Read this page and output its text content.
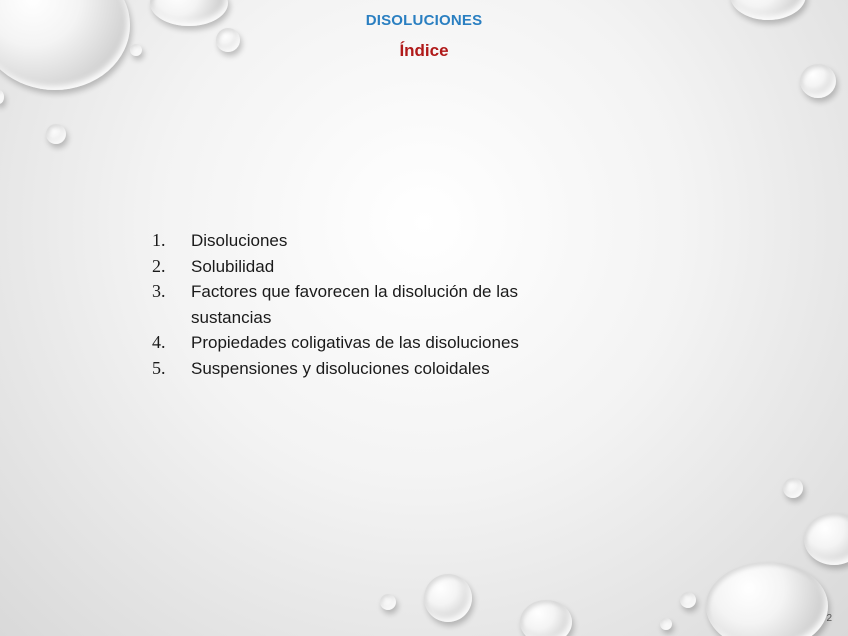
DISOLUCIONES
Índice
1.	Disoluciones
2.	Solubilidad
3.	Factores que favorecen la disolución de las sustancias
4.	Propiedades coligativas de las disoluciones
5.	Suspensiones y disoluciones coloidales
2
